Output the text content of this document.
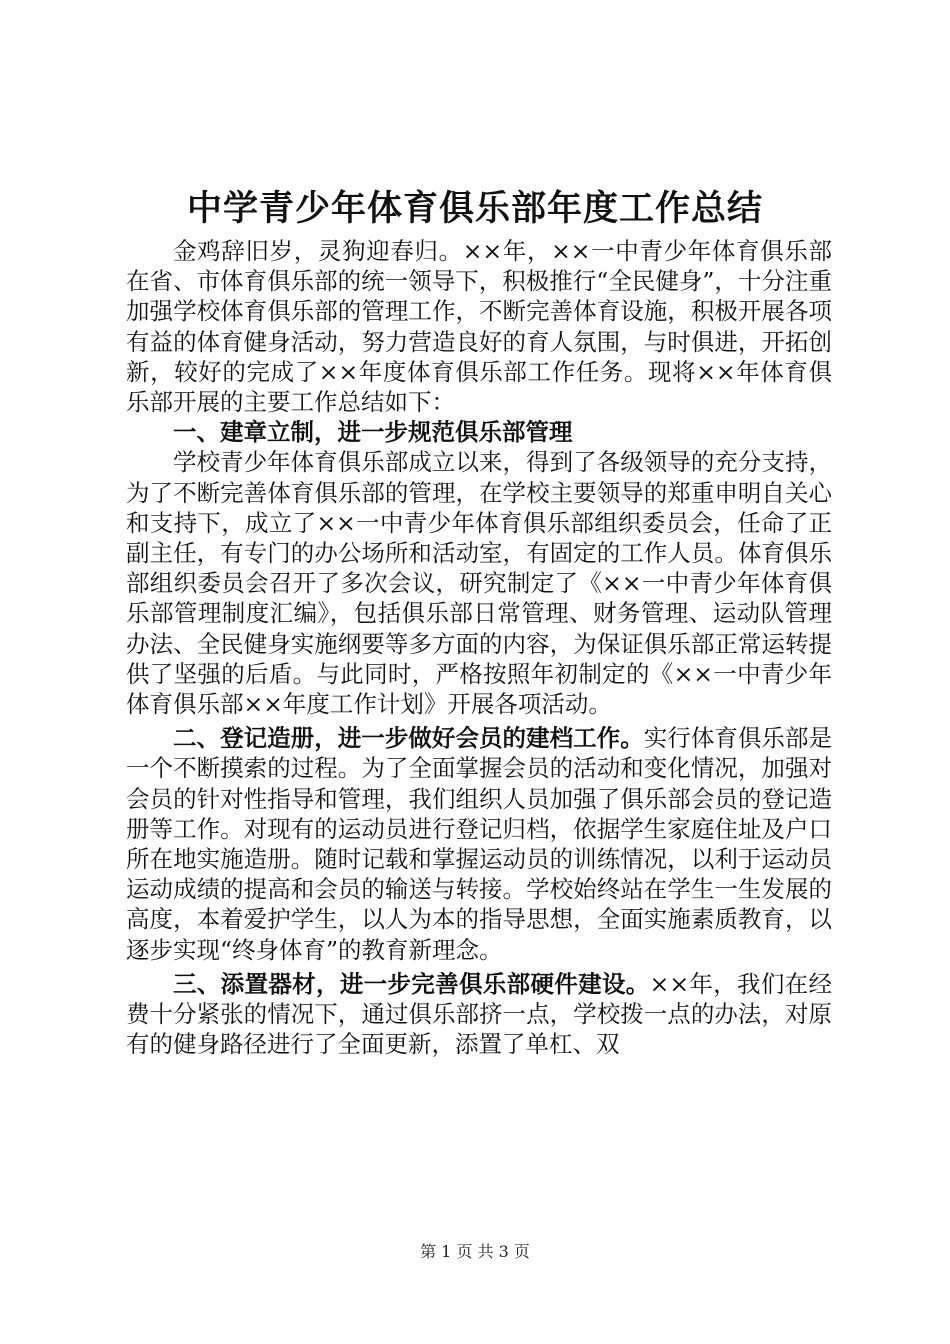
中学青少年体育俱乐部年度工作总结

金鸡辞旧岁，灵狗迎春归。××年，××一中青少年体育俱乐部在省、市体育俱乐部的统一领导下，积极推行“全民健身”，十分注重加强学校体育俱乐部的管理工作，不断完善体育设施，积极开展各项有益的体育健身活动，努力营造良好的育人氛围，与时俱进，开拓创新，较好的完成了××年度体育俱乐部工作任务。现将××年体育俱乐部开展的主要工作总结如下：

一、建章立制，进一步规范俱乐部管理

学校青少年体育俱乐部成立以来，得到了各级领导的充分支持，为了不断完善体育俱乐部的管理，在学校主要领导的郑重申明自关心和支持下，成立了××一中青少年体育俱乐部组织委员会，任命了正副主任，有专门的办公场所和活动室，有固定的工作人员。体育俱乐部组织委员会召开了多次会议，研究制定了《××一中青少年体育俱乐部管理制度汇编》，包括俱乐部日常管理、财务管理、运动队管理办法、全民健身实施纲要等多方面的内容，为保证俱乐部正常运转提供了坚强的后盾。与此同时，严格按照年初制定的《××一中青少年体育俱乐部××年度工作计划》开展各项活动。

二、登记造册，进一步做好会员的建档工作。实行体育俱乐部是一个不断摸索的过程。为了全面掌握会员的活动和变化情况，加强对会员的针对性指导和管理，我们组织人员加强了俱乐部会员的登记造册等工作。对现有的运动员进行登记归档，依据学生家庭住址及户口所在地实施造册。随时记载和掌握运动员的训练情况，以利于运动员运动成绩的提高和会员的输送与转接。学校始终站在学生一生发展的高度，本着爱护学生，以人为本的指导思想，全面实施素质教育，以逐步实现“终身体育”的教育新理念。

三、添置器材，进一步完善俱乐部硬件建设。××年，我们在经费十分紧张的情况下，通过俱乐部挤一点，学校拨一点的办法，对原有的健身路径进行了全面更新，添置了单杠、双

第 1 页 共 3 页
